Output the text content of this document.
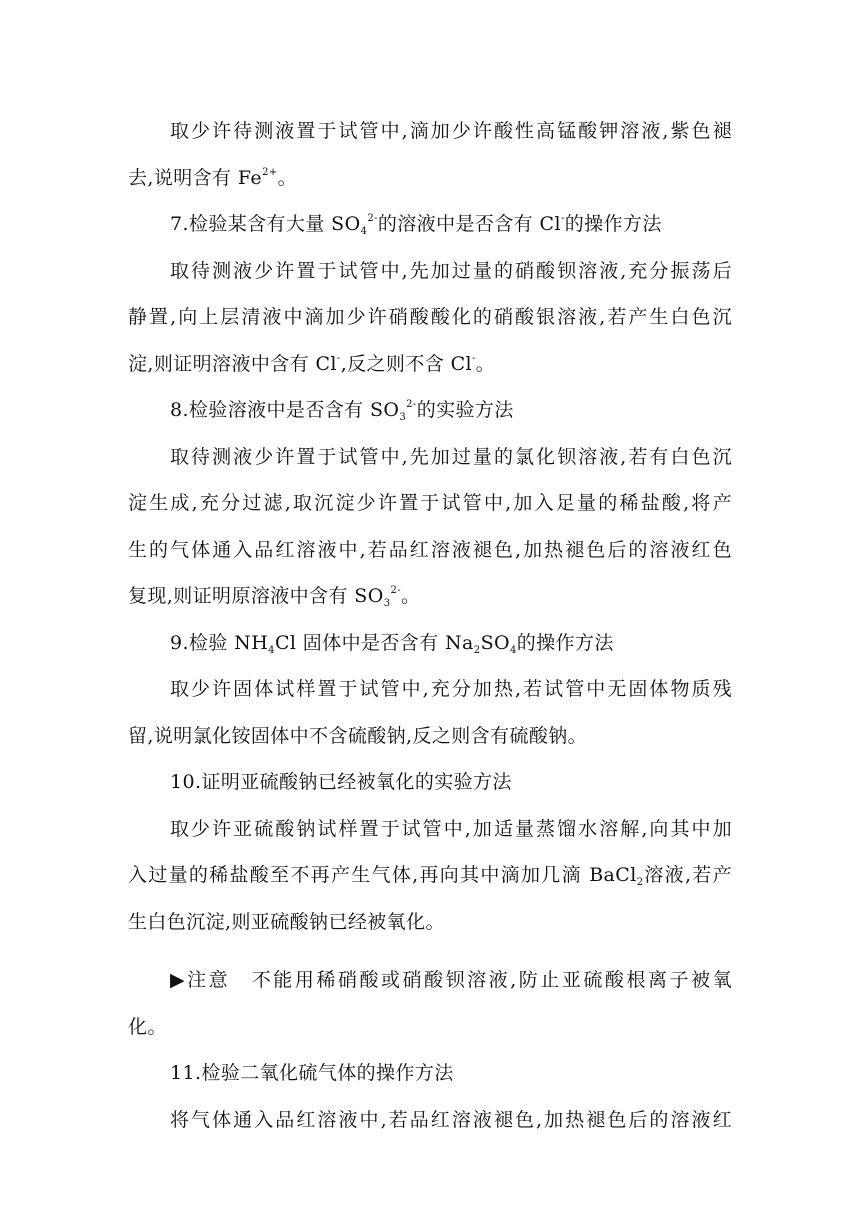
取少许待测液置于试管中,滴加少许酸性高锰酸钾溶液,紫色褪
去,说明含有 $Fe^{2+}$。
7.检验某含有大量 $SO_4^{2-}$的溶液中是否含有 Cl-的操作方法
取待测液少许置于试管中,先加过量的硝酸钡溶液,充分振荡后
静置,向上层清液中滴加少许硝酸酸化的硝酸银溶液,若产生白色沉
淀,则证明溶液中含有 Cl-,反之则不含 Cl-。
8.检验溶液中是否含有 $SO_3^{2-}$的实验方法
取待测液少许置于试管中,先加过量的氯化钡溶液,若有白色沉
淀生成,充分过滤,取沉淀少许置于试管中,加入足量的稀盐酸,将产
生的气体通入品红溶液中,若品红溶液褪色,加热褪色后的溶液红色
复现,则证明原溶液中含有 $SO_3^{2-}$。
9.检验 $NH_4Cl$ 固体中是否含有 $Na_2SO_4$的操作方法
取少许固体试样置于试管中,充分加热,若试管中无固体物质残
留,说明氯化铵固体中不含硫酸钠,反之则含有硫酸钠。
10.证明亚硫酸钠已经被氧化的实验方法
取少许亚硫酸钠试样置于试管中,加适量蒸馏水溶解,向其中加
入过量的稀盐酸至不再产生气体,再向其中滴加几滴 BaCl$_2$溶液,若产
生白色沉淀,则亚硫酸钠已经被氧化。
▶注意　不能用稀硝酸或硝酸钡溶液,防止亚硫酸根离子被氧
化。
11.检验二氧化硫气体的操作方法
将气体通入品红溶液中,若品红溶液褪色,加热褪色后的溶液红
